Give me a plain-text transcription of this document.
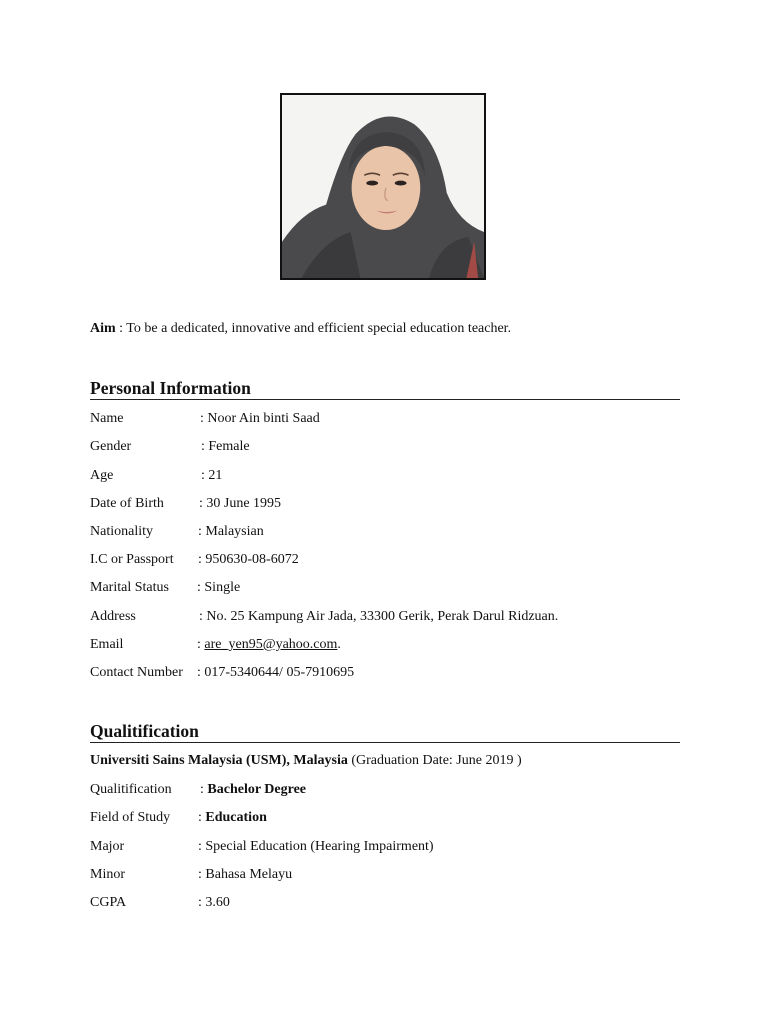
Aim : To be a dedicated, innovative and efficient special education teacher.
Personal Information
Name	: Noor Ain binti Saad
Gender	: Female
Age	: 21
Date of Birth	: 30 June 1995
Nationality	: Malaysian
I.C or Passport : 950630-08-6072
Marital Status : Single
Address	: No. 25 Kampung Air Jada, 33300 Gerik, Perak Darul Ridzuan.
Email	: are_yen95@yahoo.com.
Contact Number : 017-5340644/ 05-7910695
Qualitification
Universiti Sains Malaysia (USM), Malaysia (Graduation Date: June 2019 )
Qualitification : Bachelor Degree
Field of Study : Education
Major	: Special Education (Hearing Impairment)
Minor	: Bahasa Melayu
CGPA	: 3.60
